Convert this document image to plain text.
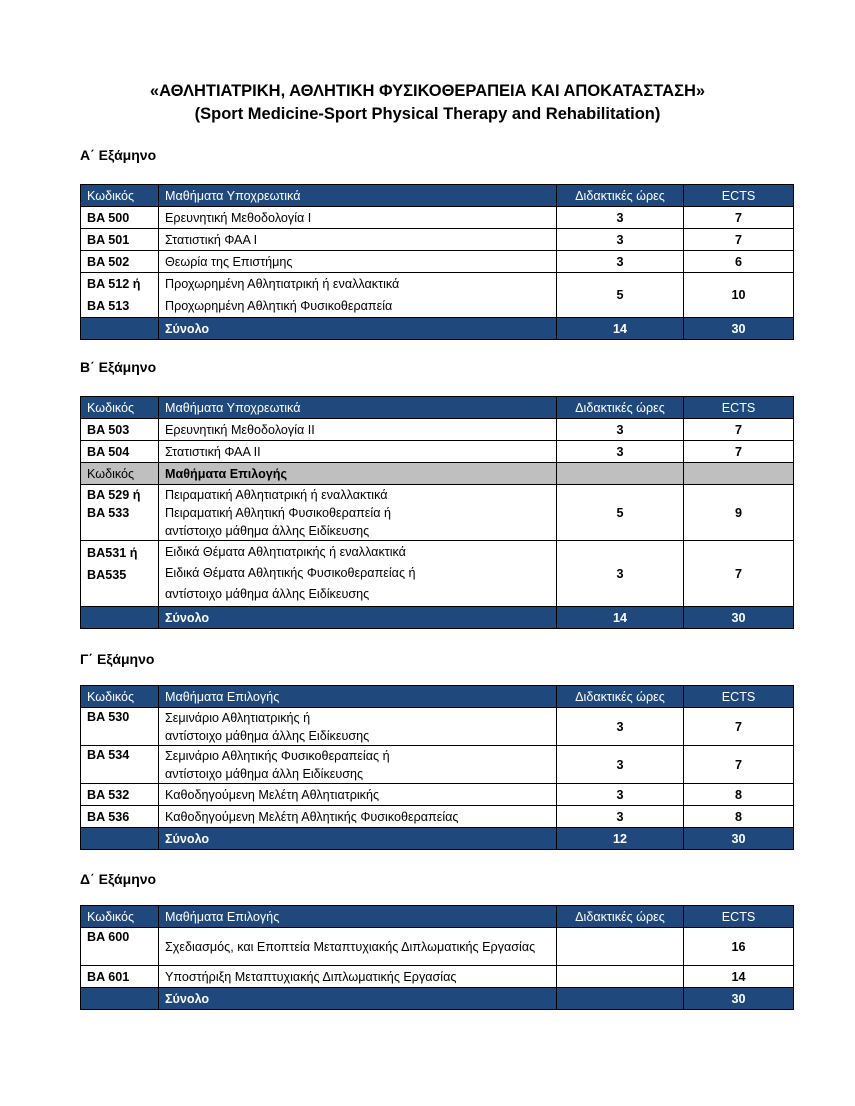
«ΑΘΛΗΤΙΑΤΡΙΚΗ, ΑΘΛΗΤΙΚΗ ΦΥΣΙΚΟΘΕΡΑΠΕΙΑ ΚΑΙ ΑΠΟΚΑΤΑΣΤΑΣΗ»
(Sport Medicine-Sport Physical Therapy and Rehabilitation)
Α΄ Εξάμηνο
Κωδικός	Μαθήματα Υποχρεωτικά	Διδακτικές ώρες	ECTS
BA 500	Ερευνητική Μεθοδολογία Ι	3	7
BA 501	Στατιστική ΦΑΑ Ι	3	7
BA 502	Θεωρία της Επιστήμης	3	6

BA 512 ή
BA 513	Προχωρημένη Αθλητιατρική ή εναλλακτικά
Προχωρημένη Αθλητική Φυσικοθεραπεία	5	10
	Σύνολο	14	30
Β΄ Εξάμηνο
Κωδικός	Μαθήματα Υποχρεωτικά	Διδακτικές ώρες	ECTS
BA 503	Ερευνητική Μεθοδολογία ΙΙ	3	7
BA 504	Στατιστική ΦΑΑ ΙΙ	3	7
Κωδικός	Μαθήματα Επιλογής		

BA 529 ή
BA 533	Πειραματική Αθλητιατρική ή εναλλακτικά
Πειραματική Αθλητική Φυσικοθεραπεία ή
αντίστοιχο μάθημα άλλης Ειδίκευσης	5	9

BA531 ή
BA535	Ειδικά Θέματα Αθλητιατρικής ή εναλλακτικά
Ειδικά Θέματα Αθλητικής Φυσικοθεραπείας ή
αντίστοιχο μάθημα άλλης Ειδίκευσης	3	7
	Σύνολο	14	30
Γ΄ Εξάμηνο
Κωδικός	Μαθήματα Επιλογής	Διδακτικές ώρες	ECTS
BA 530	Σεμινάριο Αθλητιατρικής ή
αντίστοιχο μάθημα άλλης Ειδίκευσης	3	7
BA 534	Σεμινάριο Αθλητικής Φυσικοθεραπείας ή
αντίστοιχο μάθημα άλλη Ειδίκευσης	3	7
BA 532	Καθοδηγούμενη Μελέτη Αθλητιατρικής	3	8
BA 536	Καθοδηγούμενη Μελέτη Αθλητικής Φυσικοθεραπείας	3	8
	Σύνολο	12	30
Δ΄ Εξάμηνο
Κωδικός	Μαθήματα Επιλογής	Διδακτικές ώρες	ECTS
BA 600	Σχεδιασμός, και Εποπτεία Μεταπτυχιακής Διπλωματικής Εργασίας		16
BA 601	Υποστήριξη Μεταπτυχιακής Διπλωματικής Εργασίας		14
	Σύνολο		30
